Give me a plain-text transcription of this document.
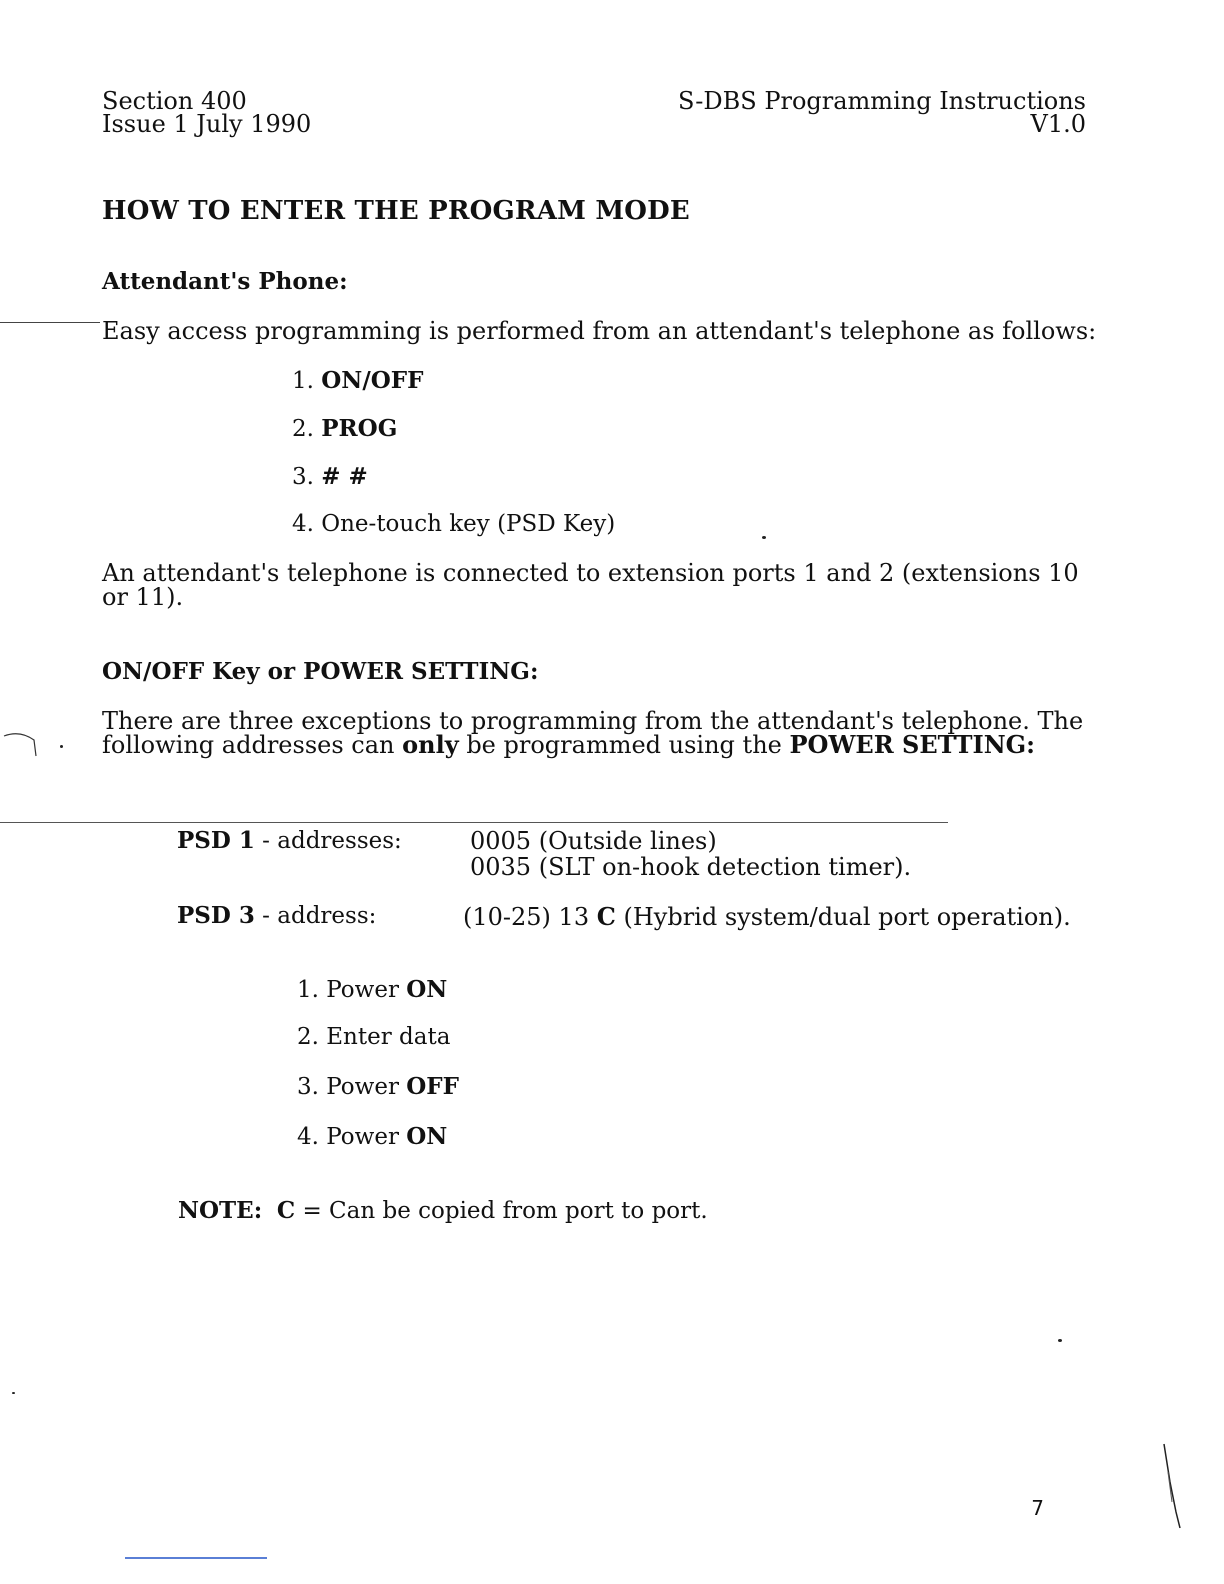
Section 400
Issue 1 July 1990
S-DBS Programming Instructions
V1.0
HOW TO ENTER THE PROGRAM MODE
Attendant's Phone:
Easy access programming is performed from an attendant's telephone as follows:
1. ON/OFF
2. PROG
3. # #
4. One-touch key (PSD Key)
An attendant's telephone is connected to extension ports 1 and 2 (extensions 10
or 11).
ON/OFF Key or POWER SETTING:
There are three exceptions to programming from the attendant's telephone. The
following addresses can only be programmed using the POWER SETTING:
PSD 1 - addresses:	0005 (Outside lines)
0035 (SLT on-hook detection timer).
PSD 3 - address:	(10-25) 13 C (Hybrid system/dual port operation).
1. Power ON
2. Enter data
3. Power OFF
4. Power ON
NOTE: C = Can be copied from port to port.
7
